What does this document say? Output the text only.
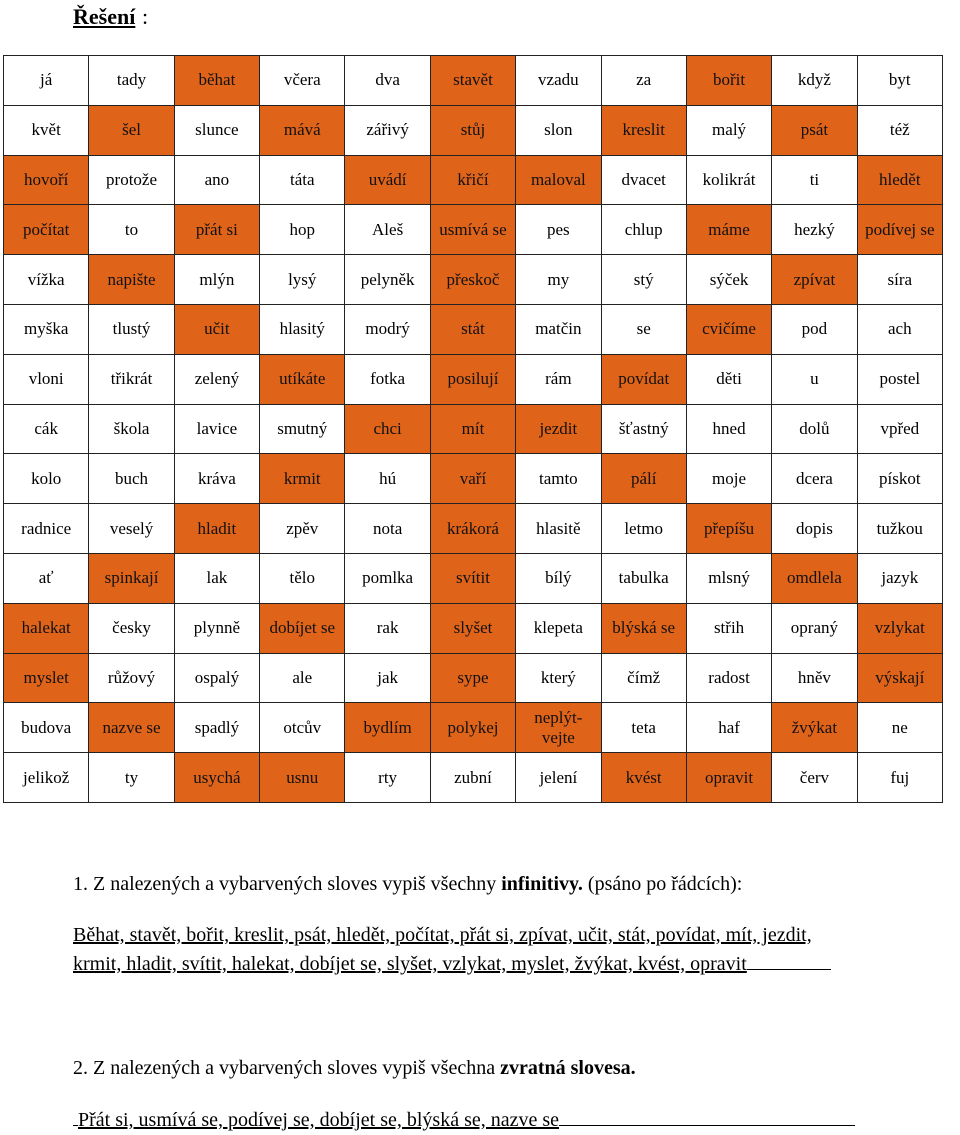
Řešení :
já	tady	běhat	včera	dva	stavět	vzadu	za	bořit	když	byt
květ	šel	slunce	mává	zářivý	stůj	slon	kreslit	malý	psát	též
hovoří	protože	ano	táta	uvádí	křičí	maloval	dvacet	kolikrát	ti	hledět
počítat	to	přát si	hop	Aleš	usmívá se	pes	chlup	máme	hezký	podívej se
vížka	napište	mlýn	lysý	pelyněk	přeskoč	my	stý	sýček	zpívat	síra
myška	tlustý	učit	hlasitý	modrý	stát	matčin	se	cvičíme	pod	ach
vloni	třikrát	zelený	utíkáte	fotka	posilují	rám	povídat	děti	u	postel
cák	škola	lavice	smutný	chci	mít	jezdit	šťastný	hned	dolů	vpřed
kolo	buch	kráva	krmit	hú	vaří	tamto	pálí	moje	dcera	pískot
radnice	veselý	hladit	zpěv	nota	krákorá	hlasitě	letmo	přepíšu	dopis	tužkou
ať	spinkají	lak	tělo	pomlka	svítit	bílý	tabulka	mlsný	omdlela	jazyk
halekat	česky	plynně	dobíjet se	rak	slyšet	klepeta	blýská se	střih	opraný	vzlykat
myslet	růžový	ospalý	ale	jak	sype	který	čímž	radost	hněv	výskají
budova	nazve se	spadlý	otcův	bydlím	polykej	neplýt-vejte	teta	haf	žvýkat	ne
jelikož	ty	usychá	usnu	rty	zubní	jelení	kvést	opravit	červ	fuj
1. Z nalezených a vybarvených sloves vypiš všechny infinitivy. (psáno po řádcích):
Běhat, stavět, bořit, kreslit, psát, hledět, počítat, přát si, zpívat, učit, stát, povídat, mít, jezdit,
krmit, hladit, svítit, halekat, dobíjet se, slyšet, vzlykat, myslet, žvýkat, kvést, opravit
2. Z nalezených a vybarvených sloves vypiš všechna zvratná slovesa.
Přát si, usmívá se, podívej se, dobíjet se, blýská se, nazve se
